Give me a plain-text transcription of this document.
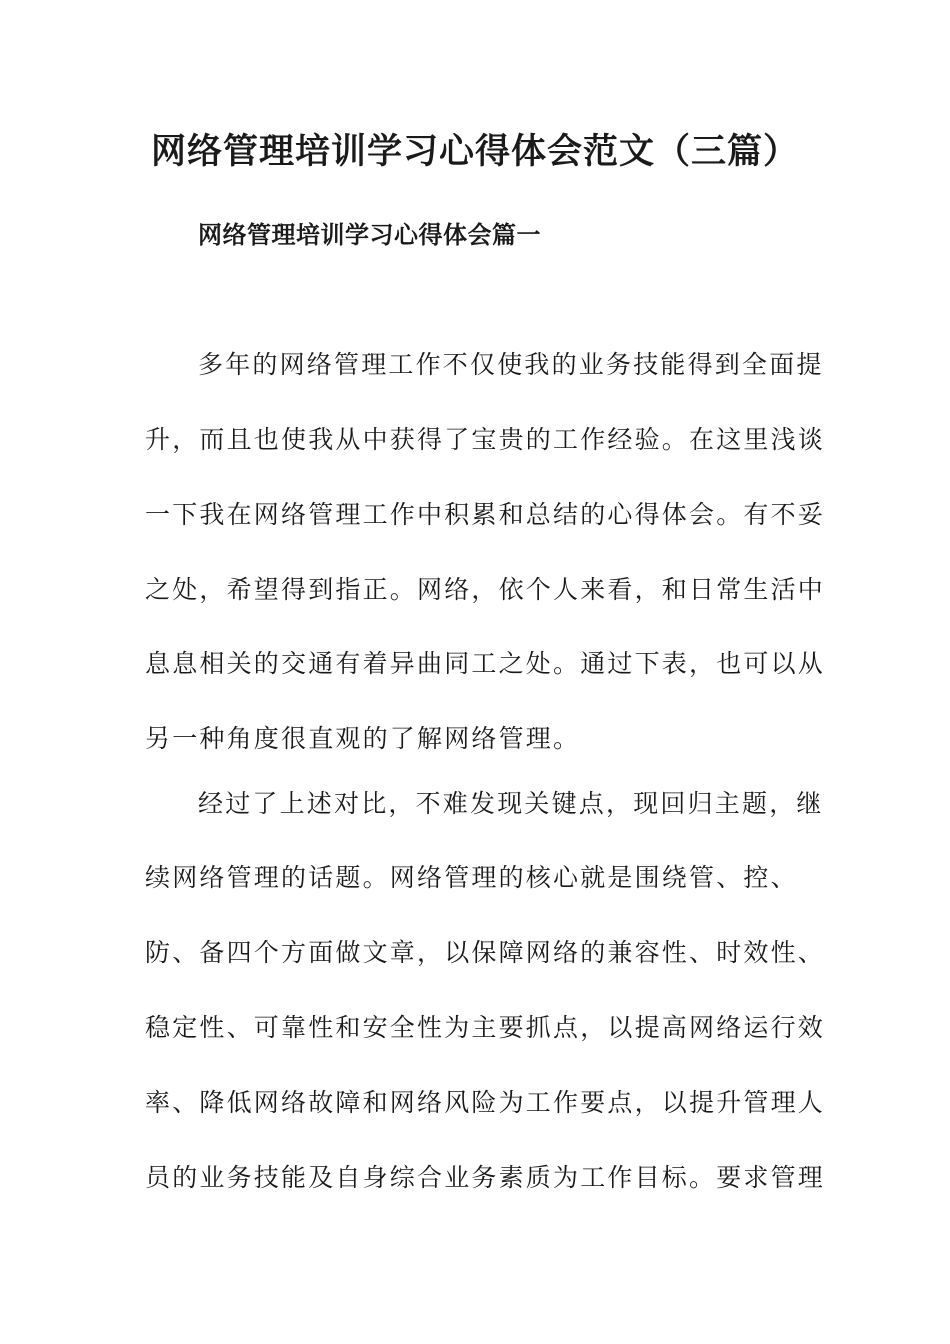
网络管理培训学习心得体会范文（三篇）
网络管理培训学习心得体会篇一
多年的网络管理工作不仅使我的业务技能得到全面提
升，而且也使我从中获得了宝贵的工作经验。在这里浅谈
一下我在网络管理工作中积累和总结的心得体会。有不妥
之处，希望得到指正。网络，依个人来看，和日常生活中
息息相关的交通有着异曲同工之处。通过下表，也可以从
另一种角度很直观的了解网络管理。
经过了上述对比，不难发现关键点，现回归主题，继
续网络管理的话题。网络管理的核心就是围绕管、控、
防、备四个方面做文章，以保障网络的兼容性、时效性、
稳定性、可靠性和安全性为主要抓点，以提高网络运行效
率、降低网络故障和网络风险为工作要点，以提升管理人
员的业务技能及自身综合业务素质为工作目标。要求管理
